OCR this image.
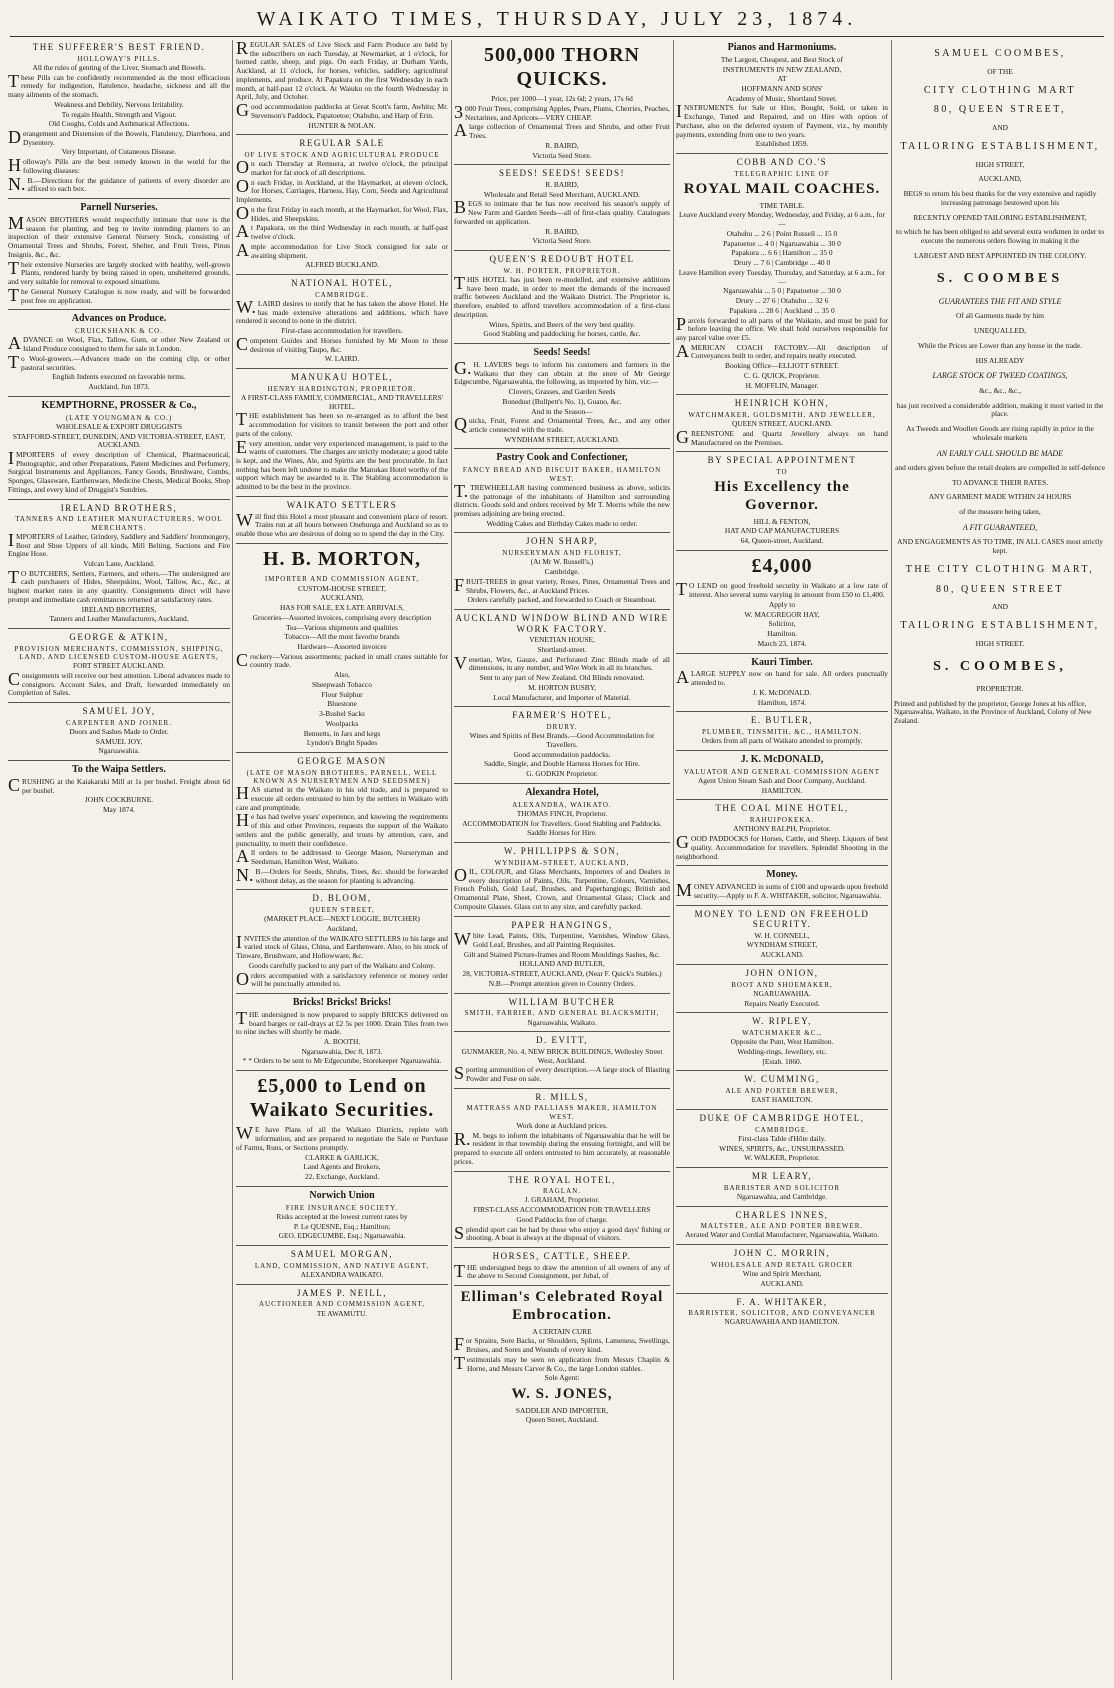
WAIKATO TIMES, THURSDAY, JULY 23, 1874.
THE SUFFERER'S BEST FRIEND.
HOLLOWAY'S PILLS.

All the rules of genting of the Liver, Stomach and Bowels.

These Pills can be confidently recommended as the most efficacious remedy for indigestion, flatulence, headache, sickness and all the many ailments of the stomach.

Weakness and Debility, Nervous Irritability.

To regain Health, Strength and Vigour.

Old Coughs, Colds and Asthmatical Affections.

Derangement and Distension of the Bowels, Flatulency, Diarrhoea, and Dysentery.

Very Important, of Cutaneous Disease.

Holloway's Pills are the best remedy known in the world for the following diseases:

N.B.—Directions for the guidance of patients of every disorder are affixed to each box.

Parnell Nurseries.

MASON BROTHERS would respectfully intimate that now is the season for planting, and beg to invite intending planters to an inspection of their extensive General Nursery Stock, consisting of Ornamental Trees and Shrubs, Forest, Shelter, and Fruit Trees, Pinus Insignis, &c., &c.

Their extensive Nurseries are largely stocked with healthy, well-grown Plants, rendered hardy by being raised in open, unsheltered grounds, and very suitable for removal to exposed situations.

The General Nursery Catalogue is now ready, and will be forwarded post free on application.

Advances on Produce.
CRUICKSHANK & CO.

ADVANCE on Wool, Flax, Tallow, Gum, or other New Zealand or Island Produce consigned to them for sale in London.

To Wool-growers.—Advances made on the coming clip, or other pastoral securities.

English Indents executed on favorable terms.

Auckland, Jun 1873.

KEMPTHORNE, PROSSER & Co.,
(LATE YOUNGMAN & CO.)

WHOLESALE & EXPORT DRUGGISTS

STAFFORD-STREET, DUNEDIN, AND VICTORIA-STREET, EAST, AUCKLAND.

IMPORTERS of every description of Chemical, Pharmaceutical, Photographic, and other Preparations, Patent Medicines and Perfumery, Surgical Instruments and Appliances, Fancy Goods, Brushware, Combs, Sponges, Glassware, Earthenware, Medicine Chests, Medical Books, Shop Fittings, and every kind of Druggist's Sundries.

IRELAND BROTHERS,
TANNERS AND LEATHER MANUFACTURERS, WOOL MERCHANTS.

IMPORTERS of Leather, Grindery, Saddlery and Saddlers' Ironmongery, Boot and Shoe Uppers of all kinds, Mill Belting, Suctions and Fire Engine Hose.

Vulcan Lane, Auckland.

TO BUTCHERS, Settlers, Farmers, and others.—The undersigned are cash purchasers of Hides, Sheepskins, Wool, Tallow, &c., &c., at highest market rates in any quantity. Consignments direct will have prompt and immediate cash remittances returned at satisfactory rates.

IRELAND BROTHERS,

Tanners and Leather Manufacturers, Auckland.

GEORGE & ATKIN,
PROVISION MERCHANTS, COMMISSION, SHIPPING, LAND, AND LICENSED CUSTOM-HOUSE AGENTS,

FORT STREET AUCKLAND.

Consignments will receive our best attention. Liberal advances made to consignors. Account Sales, and Draft, forwarded immediately on Completion of Sales.

SAMUEL JOY,
CARPENTER AND JOINER.

Doors and Sashes Made to Order.

SAMUEL JOY,

Ngaruawahia.

To the Waipa Settlers.

CRUSHING at the Kaiakaraki Mill at 1s per bushel. Freight about 6d per bushel.

JOHN COCKBURNE.

May 1874.

REGULAR SALES of Live Stock and Farm Produce are held by the subscribers on each Tuesday, at Newmarket, at 1 o'clock, for horned cattle, sheep, and pigs. On each Friday, at Durham Yards, Auckland, at 11 o'clock, for horses, vehicles, saddlery, agricultural implements, and produce. At Papakura on the first Wednesday in each month, at half-past 12 o'clock. At Waiuku on the fourth Wednesday in April, July, and October.

Good accommodation paddocks at Great Scott's farm, Awhitu; Mr. Stevenson's Paddock, Papatoetoe; Otahuhu, and Harp of Erin.

HUNTER & NOLAN.

REGULAR SALE
OF LIVE STOCK AND AGRICULTURAL PRODUCE

On each Thursday at Remuera, at twelve o'clock, the principal market for fat stock of all descriptions.

On each Friday, in Auckland, at the Haymarket, at eleven o'clock, for Horses, Carriages, Harness, Hay, Corn, Seeds and Agricultural Implements.

On the first Friday in each month, at the Haymarket, for Wool, Flax, Hides, and Sheepskins.

At Papakura, on the third Wednesday in each month, at half-past twelve o'clock.

Ample accommodation for Live Stock consigned for sale or awaiting shipment.

ALFRED BUCKLAND.

NATIONAL HOTEL,
CAMBRIDGE.

W.LAIRD desires to notify that he has taken the above Hotel. He has made extensive alterations and additions, which have rendered it second to none in the district.

First-class accommodation for travellers.

Competent Guides and Horses furnished by Mr Moon to those desirous of visiting Taupo, &c.

W. LAIRD.

MANUKAU HOTEL,
HENRY HARDINGTON, PROPRIETOR.

A FIRST-CLASS FAMILY, COMMERCIAL, AND TRAVELLERS' HOTEL.

THE establishment has been so re-arranged as to afford the best accommodation for visitors to transit between the port and other parts of the colony.

Every attention, under very experienced management, is paid to the wants of customers. The charges are strictly moderate; a good table is kept, and the Wines, Ale, and Spirits are the best procurable. In fact nothing has been left undone to make the Manukau Hotel worthy of the support which may be awarded to it. The Stabling accommodation is admitted to be the best in the province.

WAIKATO SETTLERS

Will find this Hotel a most pleasant and convenient place of resort. Trains run at all hours between Onehunga and Auckland so as to enable those who are desirous of doing so to spend the day in the City.

H. B. MORTON,
IMPORTER AND COMMISSION AGENT,

CUSTOM-HOUSE STREET,

AUCKLAND,

HAS FOR SALE, EX LATE ARRIVALS,

Groceries—Assorted invoices, comprising every description

Tea—Various shipments and qualities

Tobacco—All the most favorite brands

Hardware—Assorted invoices

Crockery—Various assortments; packed in small crates suitable for country trade.

Also,

Sheepwash Tobacco

Flour Sulphur

Bluestone

3-Bushel Sacks

Woolpacks

Bennetts, in Jars and kegs

Lyndon's Bright Spades

GEORGE MASON
(LATE OF MASON BROTHERS, PARNELL, WELL KNOWN AS NURSERYMEN AND SEEDSMEN)

HAS started in the Waikato in his old trade, and is prepared to execute all orders entrusted to him by the settlers in Waikato with care and promptitude.

He has had twelve years' experience, and knowing the requirements of this and other Provinces, requests the support of the Waikato settlers and the public generally, and trusts by attention, care, and punctuality, to merit their confidence.

All orders to be addressed to George Mason, Nurseryman and Seedsman, Hamilton West, Waikato.

N.B.—Orders for Seeds, Shrubs, Trees, &c. should be forwarded without delay, as the season for planting is advancing.

D. BLOOM,
QUEEN STREET,

(MARKET PLACE—NEXT LOGGIE, BUTCHER)

Auckland,

INVITES the attention of the WAIKATO SETTLERS to his large and varied stock of Glass, China, and Earthenware. Also, to his stock of Tinware, Brushware, and Hollowware, &c.

Goods carefully packed to any part of the Waikato and Colony.

Orders accompanied with a satisfactory reference or money order will be punctually attended to.

Bricks! Bricks! Bricks!

THE undersigned is now prepared to supply BRICKS delivered on board barges or rail-drays at £2 5s per 1000. Drain Tiles from two to nine inches will shortly be made.

A. BOOTH.

Ngaruawahia, Dec 8, 1873.

* * Orders to be sent to Mr Edgecumbe, Storekeeper Ngaruawahia.

£5,000 to Lend on Waikato Securities.

WE have Plans of all the Waikato Districts, replete with information, and are prepared to negotiate the Sale or Purchase of Farms, Runs, or Sections promptly.

CLARKE & GARLICK,

Land Agents and Brokers,

22, Exchange, Auckland.

Norwich Union
FIRE INSURANCE SOCIETY.

Risks accepted at the lowest current rates by

P. Le QUESNE, Esq.; Hamilton;

GEO. EDGECUMBE, Esq.; Ngaruawahia.

SAMUEL MORGAN,
LAND, COMMISSION, AND NATIVE AGENT,

ALEXANDRA WAIKATO.

JAMES P. NEILL,
AUCTIONEER AND COMMISSION AGENT,

TE AWAMUTU.

500,000 THORN QUICKS.

Price, per 1000—1 year, 12s 6d; 2 years, 17s 6d

3000 Fruit Trees, comprising Apples, Pears, Plums, Cherries, Peaches, Nectarines, and Apricots—VERY CHEAP.

Alarge collection of Ornamental Trees and Shrubs, and other Fruit Trees.

R. BAIRD,

Victoria Seed Store.

SEEDS! SEEDS! SEEDS!

R. BAIRD,

Wholesale and Retail Seed Merchant, AUCKLAND.

BEGS to intimate that he has now received his season's supply of New Farm and Garden Seeds—all of first-class quality. Catalogues forwarded on application.

R. BAIRD,

Victoria Seed Store.

QUEEN'S REDOUBT HOTEL
W. H. PORTER, PROPRIETOR.

THIS HOTEL has just been re-modelled, and extensive additions have been made, in order to meet the demands of the increased traffic between Auckland and the Waikato District. The Proprietor is, therefore, enabled to afford travellers accommodation of a first-class description.

Wines, Spirits, and Beers of the very best quality.

Good Stabling and paddocking for horses, cattle, &c.

Seeds! Seeds!

G.H. LAVERS begs to inform his customers and farmers in the Waikato that they can obtain at the store of Mr George Edgecumbe, Ngaruawahia, the following, as imported by him, viz:—

Clovers, Grasses, and Garden Seeds

Bonedust (Bullpett's No. 1), Guano, &c.

And in the Season—

Quicks, Fruit, Forest and Ornamental Trees, &c., and any other article connected with the trade.

WYNDHAM STREET, AUCKLAND.

Pastry Cook and Confectioner,
FANCY BREAD AND BISCUIT BAKER, HAMILTON WEST.

T.TREWHEELLAR having commenced business as above, solicits the patronage of the inhabitants of Hamilton and surrounding districts. Goods sold and orders received by Mr T. Morris while the new premises adjoining are being erected.

Wedding Cakes and Birthday Cakes made to order.

JOHN SHARP,
NURSERYMAN AND FLORIST,

(At Mr W. Russell's,)

Cambridge.

FRUIT-TREES in great variety, Roses, Pines, Ornamental Trees and Shrubs, Flowers, &c., at Auckland Prices.

Orders carefully packed, and forwarded to Coach or Steamboat.

AUCKLAND WINDOW BLIND AND WIRE WORK FACTORY.

VENETIAN HOUSE,

Shortland-street.

Venetian, Wire, Gauze, and Perforated Zinc Blinds made of all dimensions, in any number, and Wire Work in all its branches.

Sent to any part of New Zealand. Old Blinds renovated.

M. HORTON BUSBY,

Local Manufacturer, and Importer of Material.

FARMER'S HOTEL,
DRURY.

Wines and Spirits of Best Brands.—Good Accommodation for Travellers.

Good accommodation paddocks.

Saddle, Single, and Double Harness Horses for Hire.

G. GODKIN Proprietor.

Alexandra Hotel,
ALEXANDRA, WAIKATO.

THOMAS FINCH, Proprietor.

ACCOMMODATION for Travellers. Good Stabling and Paddocks.

Saddle Horses for Hire.

W. PHILLIPPS & SON,
WYNDHAM-STREET, AUCKLAND,

OIL, COLOUR, and Glass Merchants, Importers of and Dealers in every description of Paints, Oils, Turpentine, Colours, Varnishes, French Polish, Gold Leaf, Brushes, and Paperhangings; British and Ornamental Plate, Sheet, Crown, and Ornamental Glass; Clock and Composite Glasses. Glass cut to any size, and carefully packed.

PAPER HANGINGS,

White Lead, Paints, Oils, Turpentine, Varnishes, Window Glass, Gold Leaf, Brushes, and all Painting Requisites.

Gilt and Stained Picture-frames and Room Mouldings Sashes, &c.

HOLLAND AND BUTLER,

28, VICTORIA-STREET, AUCKLAND, (Near F. Quick's Stables.)

N.B.—Prompt attention given to Country Orders.

WILLIAM BUTCHER
SMITH, FARRIER, AND GENERAL BLACKSMITH,

Ngaruawahia, Waikato.

D. EVITT,

GUNMAKER, No. 4, NEW BRICK BUILDINGS, Wellesley Street West, Auckland.

Sporting ammunition of every description.—A large stock of Blasting Powder and Fuse on sale.

R. MILLS,
MATTRASS AND PALLIASS MAKER, HAMILTON WEST.

Work done at Auckland prices.

R.M. begs to inform the inhabitants of Ngaruawahia that he will be resident in that township during the ensuing fortnight, and will be prepared to execute all orders entrusted to him accurately, at reasonable prices.

THE ROYAL HOTEL,
RAGLAN.

J. GRAHAM, Proprietor.

FIRST-CLASS ACCOMMODATION FOR TRAVELLERS

Good Paddocks free of charge.

Splendid sport can be had by those who enjoy a good days' fishing or shooting. A boat is always at the disposal of visitors.

HORSES, CATTLE, SHEEP.

THE undersigned begs to draw the attention of all owners of any of the above to Second Consignment, per Jubal, of

Elliman's Celebrated Royal Embrocation.

A CERTAIN CURE

For Sprains, Sore Backs, or Shoulders, Splints, Lameness, Swellings, Bruises, and Sores and Wounds of every kind.

Testimonials may be seen on application from Messrs Chaplin & Horne, and Messrs Carver & Co., the large London stables.

Sole Agent:

W. S. JONES,

SADDLER AND IMPORTER,

Queen Street, Auckland.

Pianos and Harmoniums.

The Largest, Cheapest, and Best Stock of

INSTRUMENTS IN NEW ZEALAND,

AT

HOFFMANN AND SONS'

Academy of Music, Shortland Street.

INSTRUMENTS for Sale or Hire, Bought, Sold, or taken in Exchange, Tuned and Repaired, and on Hire with option of Purchase, also on the deferred system of Payment, viz., by monthly payments, extending from one to two years.

Established 1859.

COBB AND CO.'S
TELEGRAPHIC LINE OF

ROYAL MAIL COACHES.

TIME TABLE.

Leave Auckland every Monday, Wednesday, and Friday, at 6 a.m., for—

Otahuhu ... 2 6 | Point Russell ... 15 0

Papatoetoe ... 4 0 | Ngaruawahia ... 30 0

Papakura ... 6 6 | Hamilton ... 35 0

Drury ... 7 6 | Cambridge ... 40 0

Leave Hamilton every Tuesday, Thursday, and Saturday, at 6 a.m., for—

Ngaruawahia ... 5 0 | Papatoetoe ... 30 0

Drury ... 27 6 | Otahuhu ... 32 6

Papakura ... 28 6 | Auckland ... 35 0

Parcels forwarded to all parts of the Waikato, and must be paid for before leaving the office. We shall hold ourselves responsible for any parcel value over £5.

AMERICAN COACH FACTORY.—All description of Conveyances built to order, and repairs neatly executed.

Booking Office—ELLIOTT STREET.

C. G. QUICK, Proprietor.

H. MOFFLIN, Manager.

HEINRICH KOHN,
WATCHMAKER, GOLDSMITH, AND JEWELLER,

QUEEN STREET, AUCKLAND.

GREENSTONE and Quartz Jewellery always on hand Manufactured on the Premises.

BY SPECIAL APPOINTMENT
TO

His Excellency the Governor.

HILL & FENTON,

HAT AND CAP MANUFACTURERS

64, Queen-street, Auckland.

£4,000

TO LEND on good freehold security in Waikato at a low rate of interest. Also several sums varying in amount from £50 to £1,400.

Apply to

W. MACGREGOR HAY,

Solicitor,

Hamilton.

March 23, 1874.

Kauri Timber.

ALARGE SUPPLY now on hand for sale. All orders punctually attended to.

J. K. McDONALD.

Hamilton, 1874.

E. BUTLER,
PLUMBER, TINSMITH, &C., HAMILTON.

Orders from all parts of Waikato attended to promptly.

J. K. McDONALD,
VALUATOR AND GENERAL COMMISSION AGENT

Agent Union Steam Sash and Door Company, Auckland.

HAMILTON.

THE COAL MINE HOTEL,
RAHUIPOKEKA.

ANTHONY RALPH, Proprietor.

GOOD PADDOCKS for Horses, Cattle, and Sheep. Liquors of best quality. Accommodation for travellers. Splendid Shooting in the neighborhood.

Money.

MONEY ADVANCED in sums of £100 and upwards upon freehold security.—Apply to F. A. WHITAKER, solicitor, Ngaruawahia.

MONEY TO LEND ON FREEHOLD SECURITY.

W. H. CONNELL,

WYNDHAM STREET,

AUCKLAND.

JOHN ONION,
BOOT AND SHOEMAKER,

NGARUAWAHIA.

Repairs Neatly Executed.

W. RIPLEY,
WATCHMAKER &C.,

Opposite the Punt, West Hamilton.

Wedding-rings, Jewellery, etc.

[Estab. 1860.

W. CUMMING,
ALE AND PORTER BREWER,

EAST HAMILTON.

DUKE OF CAMBRIDGE HOTEL,
CAMBRIDGE.

First-class Table d'Hôte daily.

WINES, SPIRITS, &c., UNSURPASSED.

W. WALKER, Proprietor.

MR LEARY,
BARRISTER AND SOLICITOR

Ngaruawahia, and Cambridge.

CHARLES INNES,
MALTSTER, ALE AND PORTER BREWER.

Aerated Water and Cordial Manufacturer, Ngaruawahia, Waikato.

JOHN C. MORRIN,
WHOLESALE AND RETAIL GROCER

Wine and Spirit Merchant,

AUCKLAND.

F. A. WHITAKER,
BARRISTER, SOLICITOR, AND CONVEYANCER

NGARUAWAHIA AND HAMILTON.

SAMUEL COOMBES,
OF THE
CITY CLOTHING MART
80, QUEEN STREET,
AND
TAILORING ESTABLISHMENT,
HIGH STREET,
AUCKLAND,
BEGS to return his best thanks for the very extensive and rapidly increasing patronage bestowed upon his
RECENTLY OPENED TAILORING ESTABLISHMENT,
to which he has been obliged to add several extra workmen in order to execute the numerous orders flowing in making it the
LARGEST AND BEST APPOINTED IN THE COLONY.
S. COOMBES
GUARANTEES THE FIT AND STYLE
Of all Garments made by him
UNEQUALLED,
While the Prices are Lower than any house in the trade.
HIS ALREADY
LARGE STOCK OF TWEED COATINGS,
&c., &c., &c.,
has just received a considerable addition, making it most varied in the place.
As Tweeds and Woollen Goods are rising rapidly in price in the wholesale markets
AN EARLY CALL SHOULD BE MADE
and orders given before the retail dealers are compelled in self-defence
TO ADVANCE THEIR RATES.
ANY GARMENT MADE WITHIN 24 HOURS
of the measure being taken,
A FIT GUARANTEED,
AND ENGAGEMENTS AS TO TIME, IN ALL CASES most strictly kept.
THE CITY CLOTHING MART,
80, QUEEN STREET
AND
TAILORING ESTABLISHMENT,
HIGH STREET.
S. COOMBES,
PROPRIETOR.
Printed and published by the proprietor, George Jones at his office, Ngaruawahia, Waikato, in the Province of Auckland, Colony of New Zealand.
